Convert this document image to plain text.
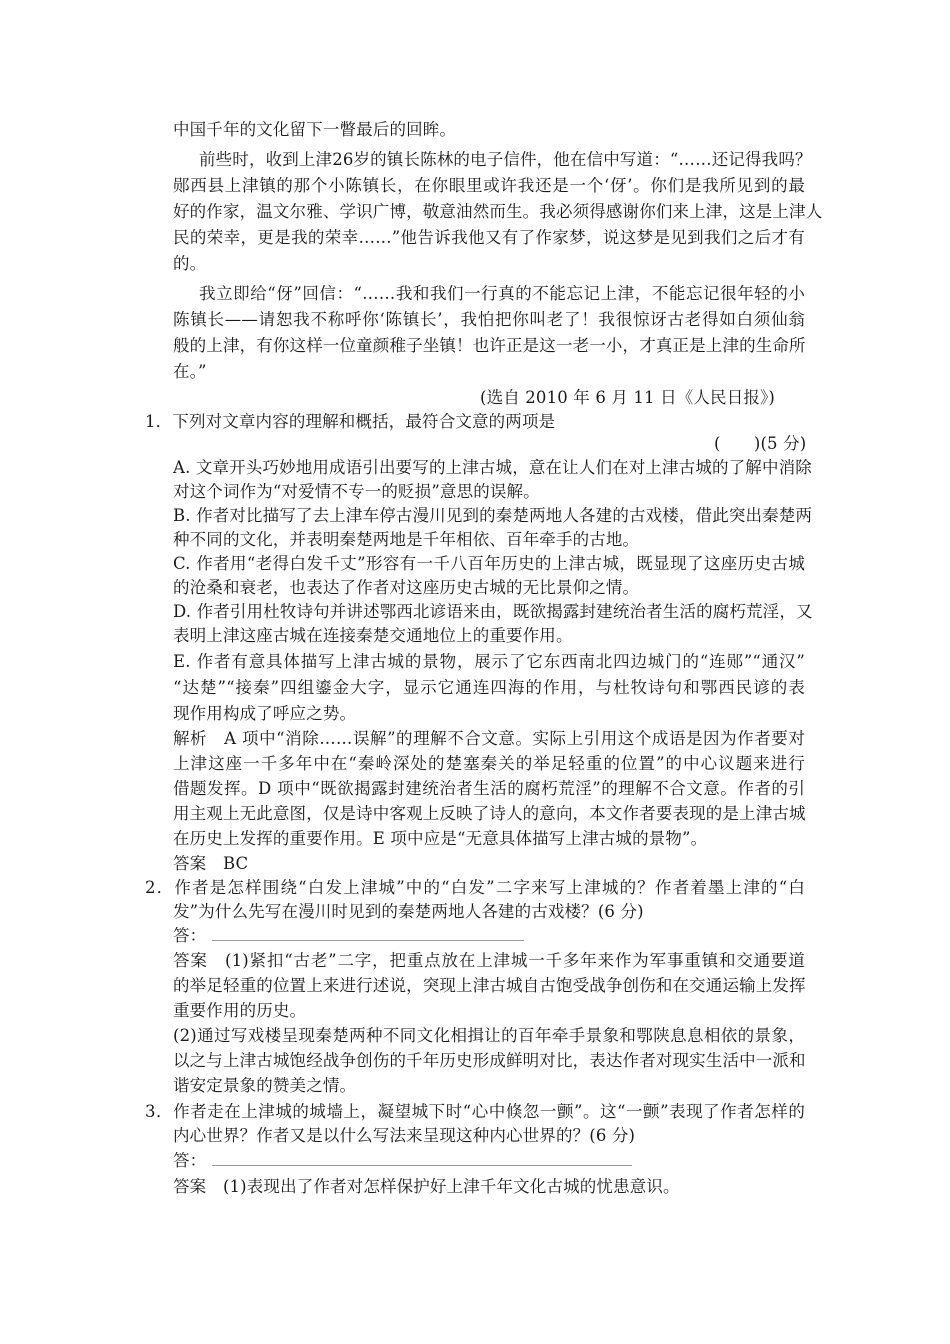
中国千年的文化留下一瞥最后的回眸。
前些时，收到上津26岁的镇长陈林的电子信件，他在信中写道：“……还记得我吗？
郧西县上津镇的那个小陈镇长，在你眼里或许我还是一个‘伢’。你们是我所见到的最
好的作家，温文尔雅、学识广博，敬意油然而生。我必须得感谢你们来上津，这是上津人
民的荣幸，更是我的荣幸……”他告诉我他又有了作家梦，说这梦是见到我们之后才有
的。
我立即给“伢”回信：“……我和我们一行真的不能忘记上津，不能忘记很年轻的小
陈镇长——请恕我不称呼你‘陈镇长’，我怕把你叫老了！我很惊讶古老得如白须仙翁
般的上津，有你这样一位童颜稚子坐镇！也许正是这一老一小，才真正是上津的生命所
在。”
(选自 2010 年 6 月 11 日《人民日报》)
1．下列对文章内容的理解和概括，最符合文意的两项是
(　　)(5 分)
A. 文章开头巧妙地用成语引出要写的上津古城，意在让人们在对上津古城的了解中消除
对这个词作为“对爱情不专一的贬损”意思的误解。
B. 作者对比描写了去上津车停古漫川见到的秦楚两地人各建的古戏楼，借此突出秦楚两
种不同的文化，并表明秦楚两地是千年相依、百年牵手的古地。
C. 作者用“老得白发千丈”形容有一千八百年历史的上津古城，既显现了这座历史古城
的沧桑和衰老，也表达了作者对这座历史古城的无比景仰之情。
D. 作者引用杜牧诗句并讲述鄂西北谚语来由，既欲揭露封建统治者生活的腐朽荒淫，又
表明上津这座古城在连接秦楚交通地位上的重要作用。
E. 作者有意具体描写上津古城的景物，展示了它东西南北四边城门的“连郧”“通汉”
“达楚”“接秦”四组鎏金大字，显示它通连四海的作用，与杜牧诗句和鄂西民谚的表
现作用构成了呼应之势。
解析　A 项中“消除……误解”的理解不合文意。实际上引用这个成语是因为作者要对
上津这座一千多年中在“秦岭深处的楚塞秦关的举足轻重的位置”的中心议题来进行
借题发挥。D 项中“既欲揭露封建统治者生活的腐朽荒淫”的理解不合文意。作者的引
用主观上无此意图，仅是诗中客观上反映了诗人的意向，本文作者要表现的是上津古城
在历史上发挥的重要作用。E 项中应是“无意具体描写上津古城的景物”。
答案　BC
2．作者是怎样围绕“白发上津城”中的“白发”二字来写上津城的？作者着墨上津的“白
发”为什么先写在漫川时见到的秦楚两地人各建的古戏楼？(6 分)
答：
答案　(1)紧扣“古老”二字，把重点放在上津城一千多年来作为军事重镇和交通要道
的举足轻重的位置上来进行述说，突现上津古城自古饱受战争创伤和在交通运输上发挥
重要作用的历史。
(2)通过写戏楼呈现秦楚两种不同文化相揖让的百年牵手景象和鄂陕息息相依的景象，
以之与上津古城饱经战争创伤的千年历史形成鲜明对比，表达作者对现实生活中一派和
谐安定景象的赞美之情。
3．作者走在上津城的城墙上，凝望城下时“心中倏忽一颤”。这“一颤”表现了作者怎样的
内心世界？作者又是以什么写法来呈现这种内心世界的？(6 分)
答：
答案　(1)表现出了作者对怎样保护好上津千年文化古城的忧患意识。
